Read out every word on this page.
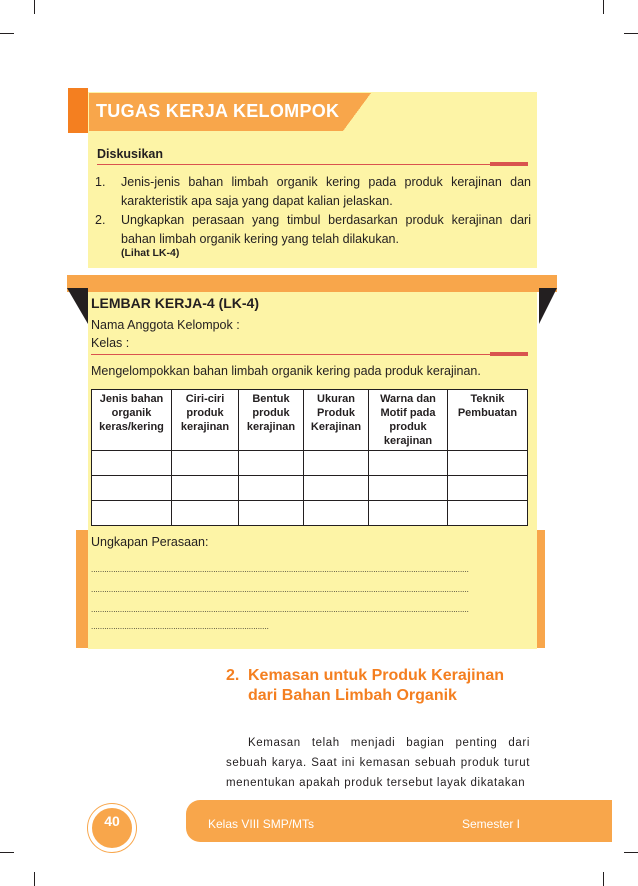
TUGAS KERJA KELOMPOK
Diskusikan
1.	Jenis-jenis bahan limbah organik kering pada produk kerajinan dan karakteristik apa saja yang dapat kalian jelaskan.
2.	Ungkapkan perasaan yang timbul berdasarkan produk kerajinan dari bahan limbah organik kering yang telah dilakukan.
(Lihat LK-4)
LEMBAR KERJA-4 (LK-4)
Nama Anggota Kelompok :
Kelas :
Mengelompokkan bahan limbah organik kering pada produk kerajinan.
Jenis bahan
organik
keras/kering	Ciri-ciri
produk
kerajinan	Bentuk
produk
kerajinan	Ukuran
Produk
Kerajinan	Warna dan
Motif pada
produk
kerajinan	Teknik
Pembuatan

Ungkapan Perasaan:
..........................................................................................................................................................................
..........................................................................................................................................................................
..........................................................................................................................................................................
................................................................................
2. Kemasan untuk Produk Kerajinan
dari Bahan Limbah Organik
Kemasan telah menjadi bagian penting dari sebuah karya. Saat ini kemasan sebuah produk turut menentukan apakah produk tersebut layak dikatakan
40	Kelas VIII SMP/MTs	Semester I
